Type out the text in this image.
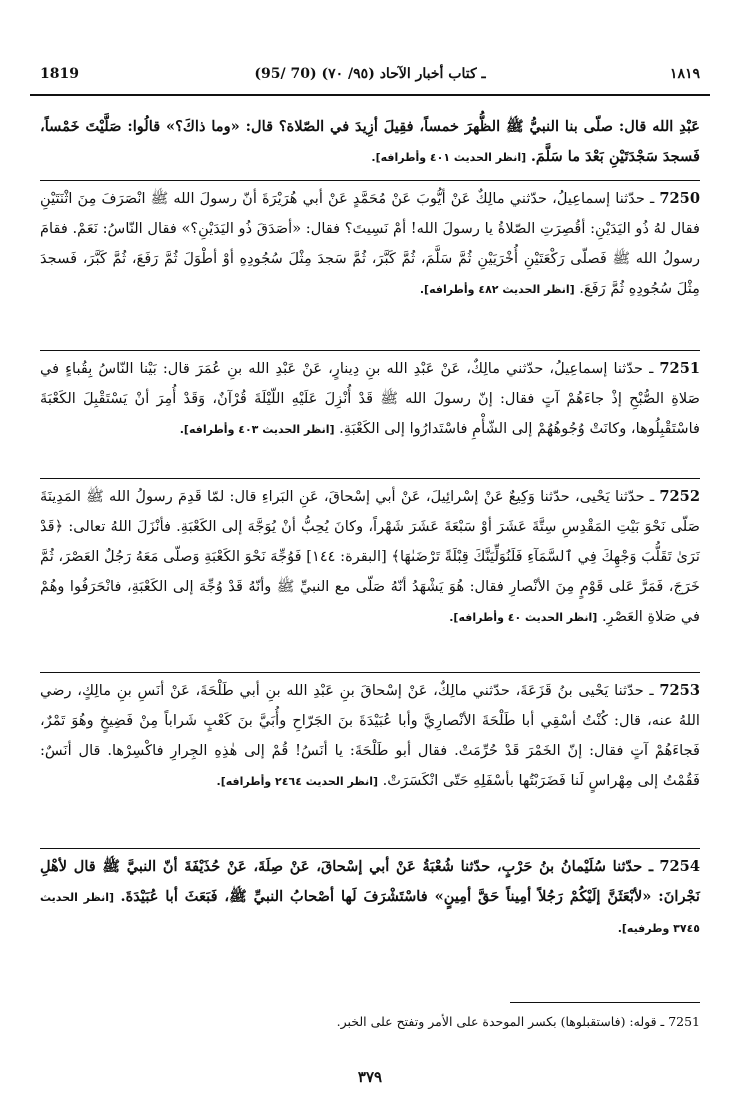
1819	(95/ 70) ـ كتاب أخبار الآحاد (٩٥/ ٧٠)	١٨١٩

عَبْدِ الله قال: صلّى بنا النبيُّ ﷺ الظُّهرَ خمساً، فقِيلَ أزِيدَ في الصّلاة؟ قال: «وما ذاكَ؟» قالُوا: صَلَّيْتَ خَمْساً، فَسجدَ سَجْدَتَيْنِ بَعْدَ ما سَلَّمَ. [انظر الحديث ٤٠١ وأطرافه].

7250 ـ حدّثنا إسماعِيلُ، حدّثني مالِكٌ عَنْ أيُّوبَ عَنْ مُحَمَّدٍ عَنْ أبي هُرَيْرَةَ أنّ رسولَ الله ﷺ انْصَرَفَ مِنَ اثْنَتَيْنِ فقال لهُ ذُو اليَدَيْنِ: أقُصِرَتِ الصّلاةُ يا رسولَ الله! أمْ نَسِيتَ؟ فقال: «أصَدَقَ ذُو اليَدَيْنِ؟» فقال النّاسُ: نَعَمْ. فقامَ رسولُ الله ﷺ فَصلّى رَكْعَتَيْنِ أُخْرَيَيْنِ ثُمَّ سَلَّمَ، ثُمَّ كَبَّرَ، ثُمَّ سَجدَ مِثْلَ سُجُودِهِ أوْ أطْوَلَ ثُمَّ رَفَعَ، ثُمَّ كَبَّرَ، فَسجدَ مِثْلَ سُجُودِهِ ثُمَّ رَفَعَ. [انظر الحديث ٤٨٢ وأطرافه].

7251 ـ حدّثنا إسماعِيلُ، حدّثني مالِكٌ، عَنْ عَبْدِ الله بنِ دِينارٍ، عَنْ عَبْدِ الله بنِ عُمَرَ قال: بَيْنا النّاسُ بِقُباءٍ في صَلاةِ الصُّبْحِ إذْ جاءَهُمْ آتٍ فقال: إنّ رسولَ الله ﷺ قَدْ أُنْزِلَ عَلَيْهِ اللّيْلَةَ قُرْآنٌ، وَقَدْ أُمِرَ أنْ يَسْتَقْبِلَ الكَعْبَةَ فاسْتَقْبِلُوها، وكانَتْ وُجُوهُهُمْ إلى الشّأْمِ فاسْتَدارُوا إلى الكَعْبَةِ. [انظر الحديث ٤٠٣ وأطرافه].

7252 ـ حدّثنا يَحْيى، حدّثنا وَكِيعٌ عَنْ إسْرائِيلَ، عَنْ أبي إسْحاقَ، عَنِ البَراءِ قال: لمّا قَدِمَ رسولُ الله ﷺ المَدِينَةَ صَلّى نَحْوَ بَيْتِ المَقْدِسِ سِتَّةَ عَشَرَ أوْ سَبْعَةَ عَشَرَ شَهْراً، وكانَ يُحِبُّ أنْ يُوَجَّهَ إلى الكَعْبَةِ. فأنْزَلَ اللهُ تعالى: ﴿قَدْ نَرَىٰ تَقَلُّبَ وَجْهِكَ فِي ٱلسَّمَآءِ فَلَنُوَلِّيَنَّكَ قِبْلَةً تَرْضَىٰهَا﴾ [البقرة: ١٤٤] فَوُجِّهَ نَحْوَ الكَعْبَةِ وَصلّى مَعَهُ رَجُلٌ العَصْرَ، ثُمَّ خَرَجَ، فَمَرَّ عَلى قَوْمٍ مِنَ الأنْصارِ فقال: هُوَ يَشْهَدُ أنّهُ صَلّى مع النبيِّ ﷺ وأنّهُ قَدْ وُجِّهَ إلى الكَعْبَةِ، فانْحَرَفُوا وهُمْ في صَلاةِ العَصْرِ. [انظر الحديث ٤٠ وأطرافه].

7253 ـ حدّثنا يَحْيى بنُ قَزَعَةَ، حدّثني مالِكٌ، عَنْ إسْحاقَ بنِ عَبْدِ الله بنِ أبي طَلْحَةَ، عَنْ أنَسِ بنِ مالِكٍ، رضي اللهُ عنه، قال: كُنْتُ أسْقِي أبا طَلْحَةَ الأنْصارِيَّ وأبا عُبَيْدَةَ بنَ الجَرّاحِ وأُبَيَّ بنَ كَعْبٍ شَراباً مِنْ فَضِيخٍ وهُوَ تَمْرٌ، فَجاءَهُمْ آتٍ فقال: إنّ الخَمْرَ قَدْ حُرِّمَتْ. فقال أبو طَلْحَةَ: يا أنَسُ! قُمْ إلى هٰذِهِ الجِرارِ فاكْسِرْها. قال أنَسٌ: فَقُمْتُ إلى مِهْراسٍ لَنا فَضَرَبْتُها بأسْفَلِهِ حَتّى انْكَسَرَتْ. [انظر الحديث ٢٤٦٤ وأطرافه].

7254 ـ حدّثنا سُلَيْمانُ بنُ حَرْبٍ، حدّثنا شُعْبَةُ عَنْ أبي إسْحاقَ، عَنْ صِلَةَ، عَنْ حُذَيْفَةَ أنّ النبيَّ ﷺ قال لأهْلِ نَجْرانَ: «لأبْعَثَنَّ إلَيْكُمْ رَجُلاً أمِيناً حَقَّ أمِينٍ» فاسْتَشْرَفَ لَها أصْحابُ النبيِّ ﷺ، فَبَعَثَ أبا عُبَيْدَةَ. [انظر الحديث ٣٧٤٥ وطرفيه].

7251 ـ قوله: (فاستقبلوها) بكسر الموحدة على الأمر وتفتح على الخبر.
٣٧٩
